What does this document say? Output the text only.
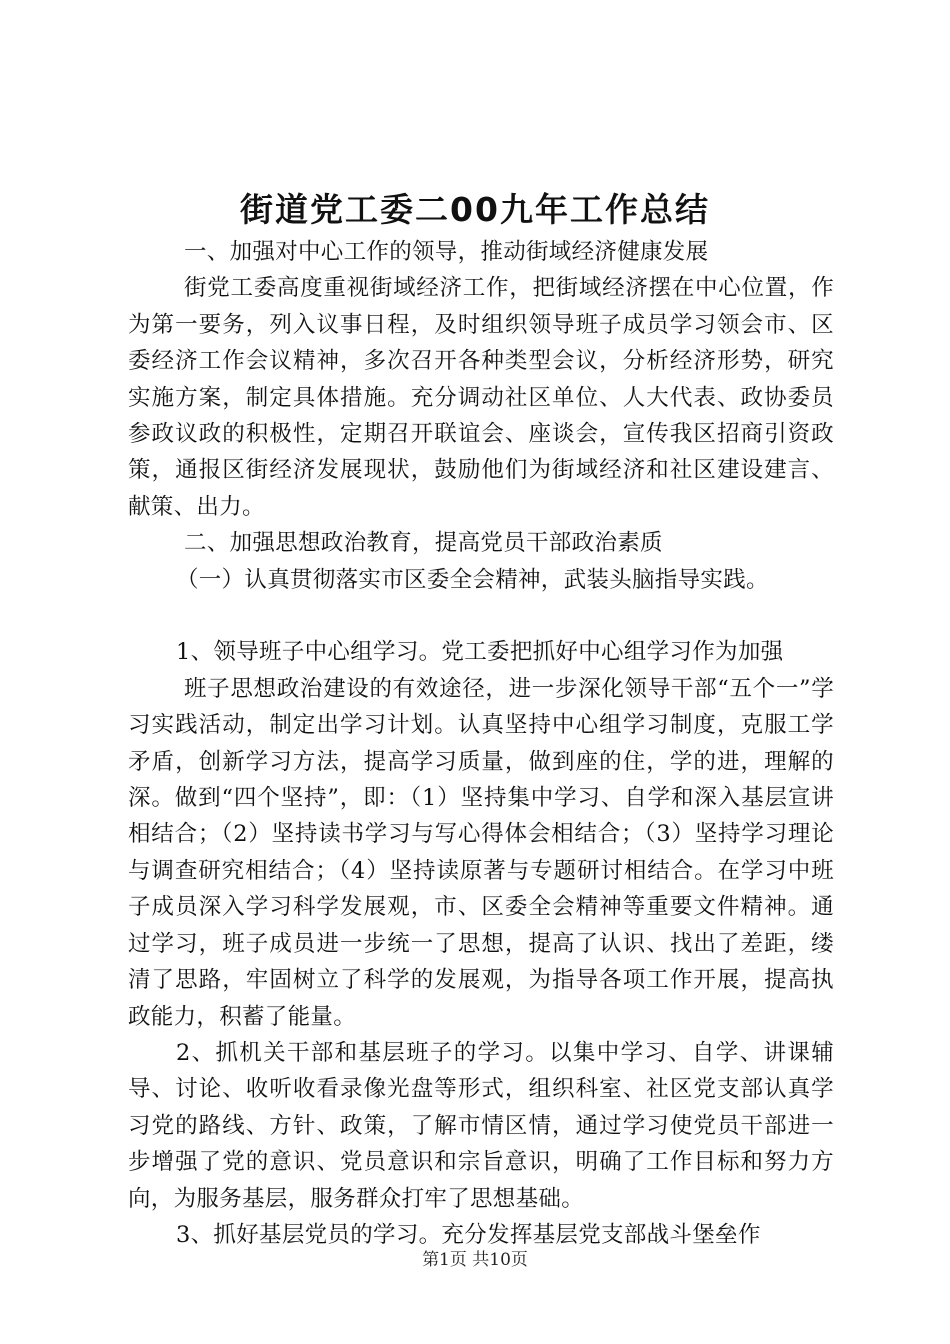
街道党工委二00九年工作总结

一、加强对中心工作的领导，推动街域经济健康发展

街党工委高度重视街域经济工作，把街域经济摆在中心位置，作为第一要务，列入议事日程，及时组织领导班子成员学习领会市、区委经济工作会议精神，多次召开各种类型会议，分析经济形势，研究实施方案，制定具体措施。充分调动社区单位、人大代表、政协委员参政议政的积极性，定期召开联谊会、座谈会，宣传我区招商引资政策，通报区街经济发展现状，鼓励他们为街域经济和社区建设建言、献策、出力。

二、加强思想政治教育，提高党员干部政治素质

（一）认真贯彻落实市区委全会精神，武装头脑指导实践。

1、领导班子中心组学习。党工委把抓好中心组学习作为加强

班子思想政治建设的有效途径，进一步深化领导干部“五个一”学习实践活动，制定出学习计划。认真坚持中心组学习制度，克服工学矛盾，创新学习方法，提高学习质量，做到座的住，学的进，理解的深。做到“四个坚持”，即：（1）坚持集中学习、自学和深入基层宣讲相结合；（2）坚持读书学习与写心得体会相结合；（3）坚持学习理论与调查研究相结合；（4）坚持读原著与专题研讨相结合。在学习中班子成员深入学习科学发展观，市、区委全会精神等重要文件精神。通过学习，班子成员进一步统一了思想，提高了认识、找出了差距，缕清了思路，牢固树立了科学的发展观，为指导各项工作开展，提高执政能力，积蓄了能量。

2、抓机关干部和基层班子的学习。以集中学习、自学、讲课辅导、讨论、收听收看录像光盘等形式，组织科室、社区党支部认真学习党的路线、方针、政策，了解市情区情，通过学习使党员干部进一步增强了党的意识、党员意识和宗旨意识，明确了工作目标和努力方向，为服务基层，服务群众打牢了思想基础。

3、抓好基层党员的学习。充分发挥基层党支部战斗堡垒作

第1页 共10页
